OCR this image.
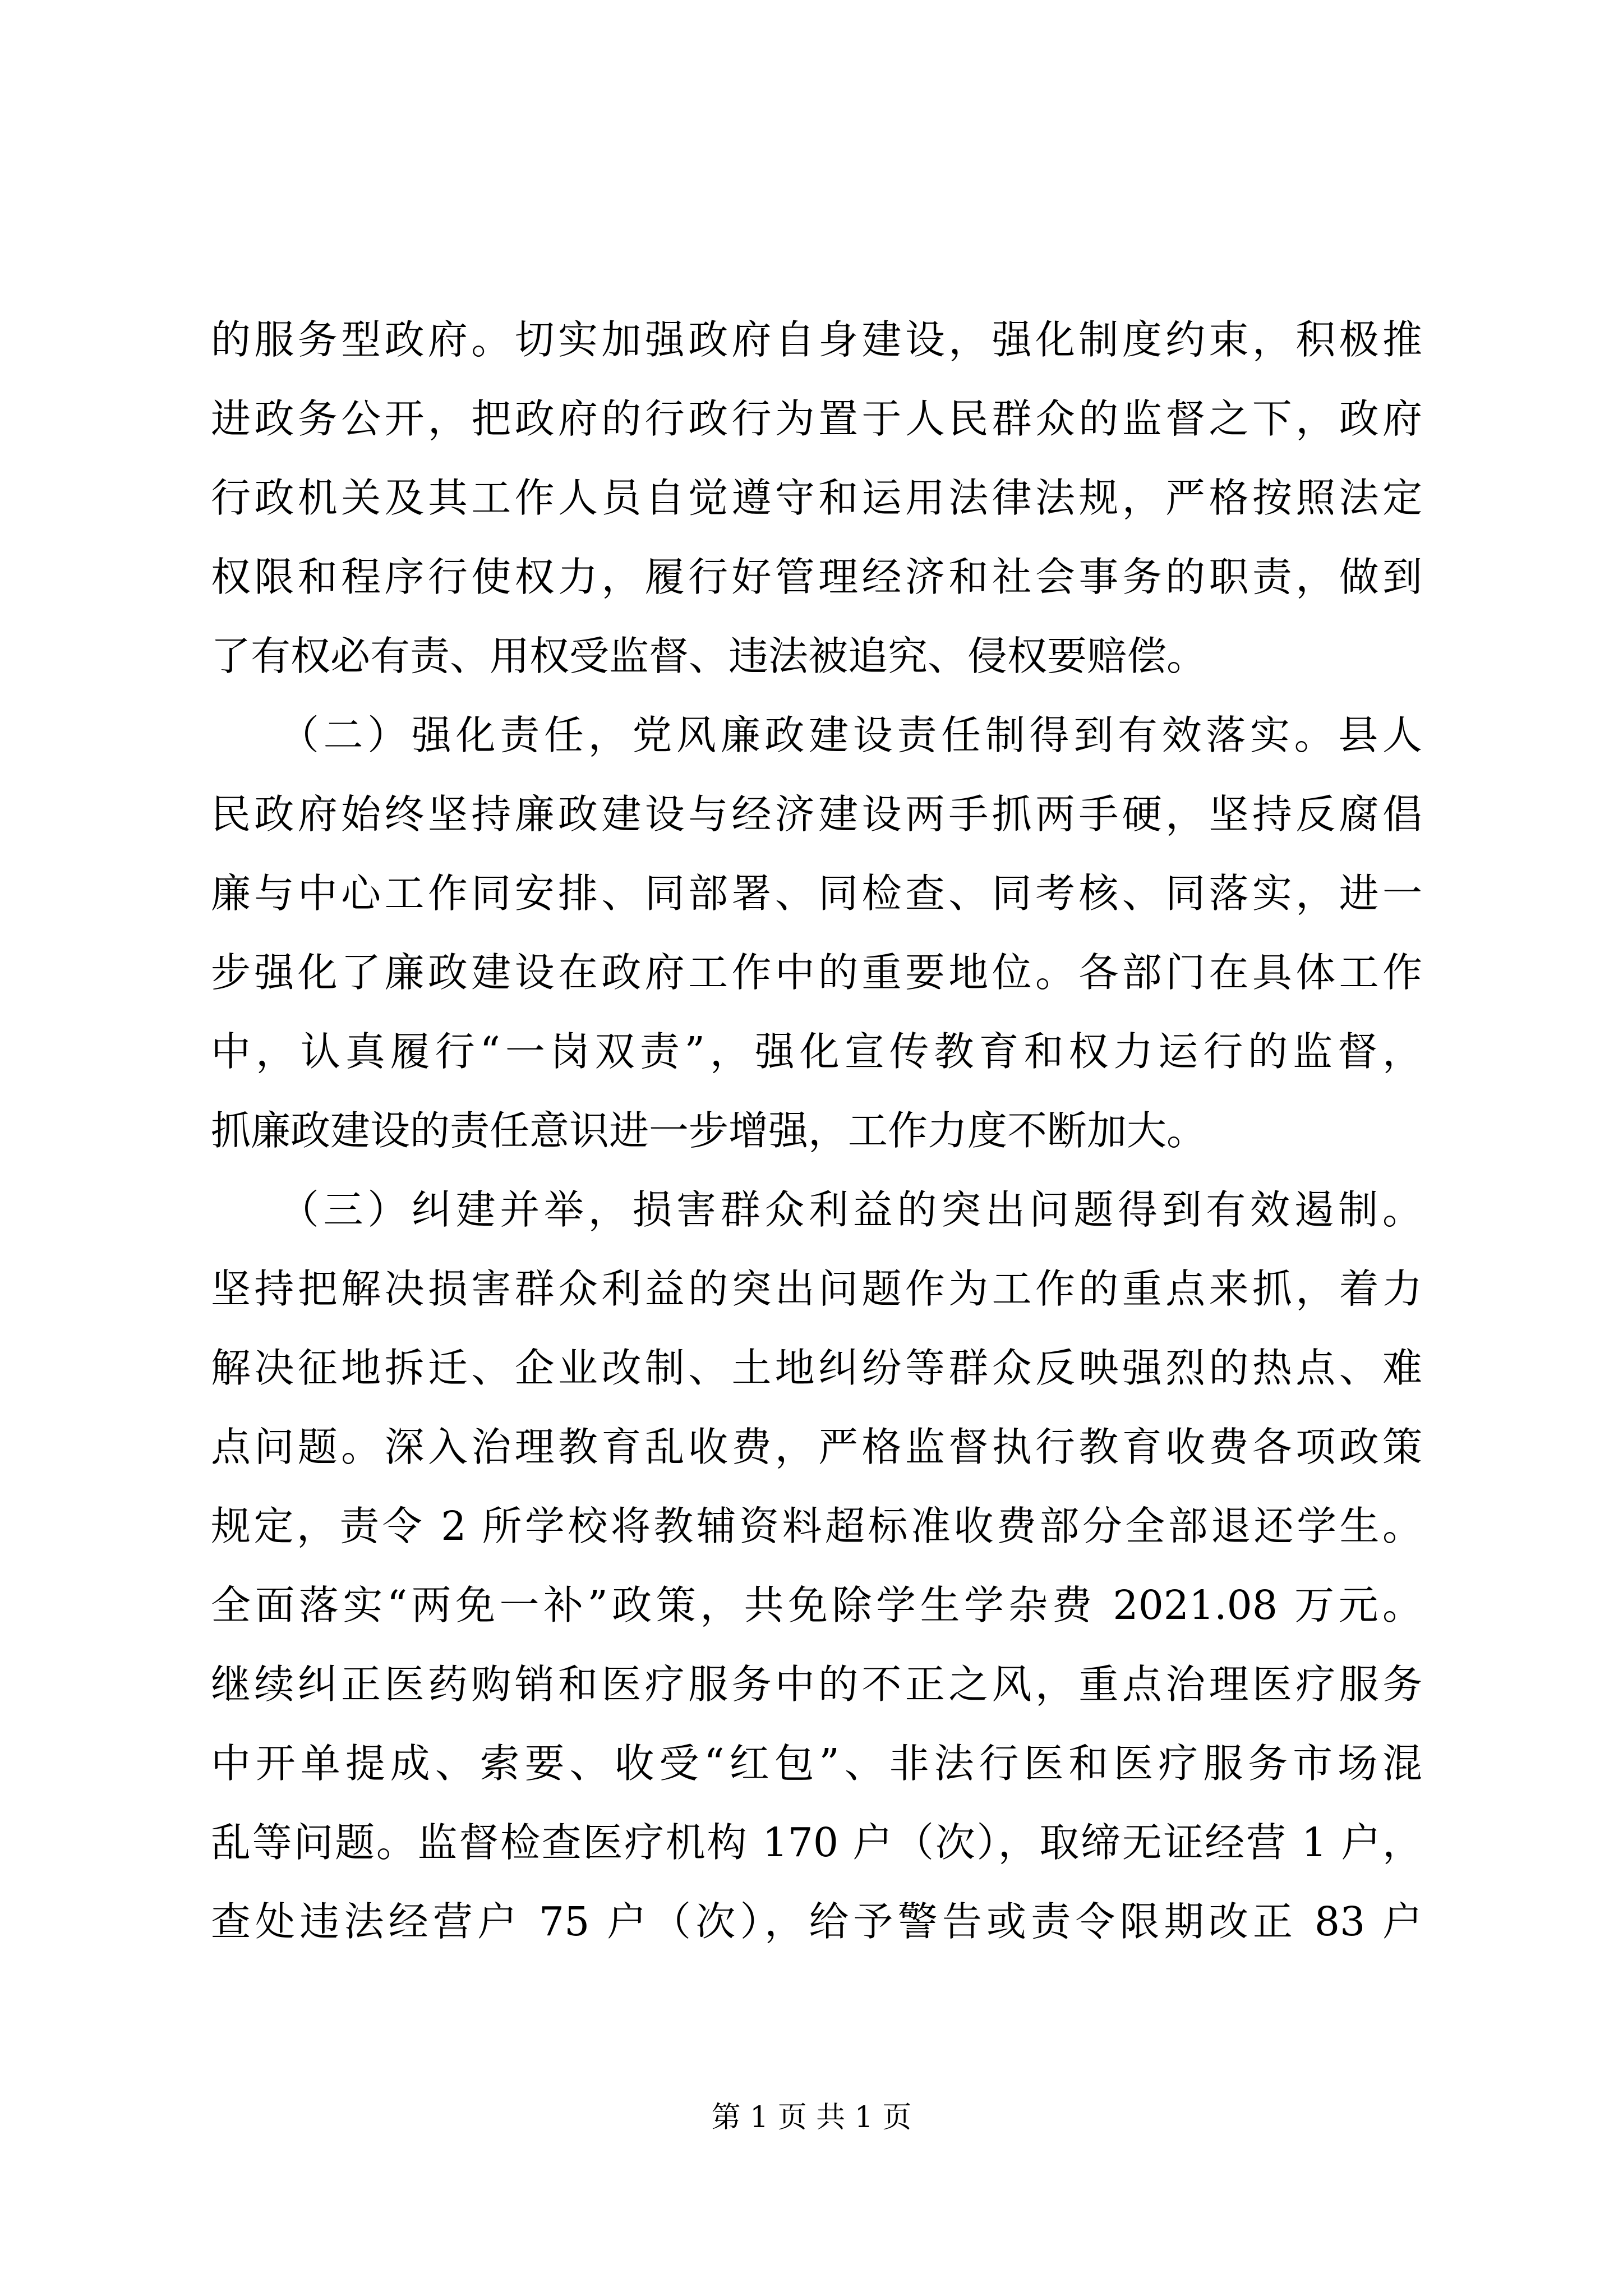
的服务型政府。切实加强政府自身建设，强化制度约束，积极推
进政务公开，把政府的行政行为置于人民群众的监督之下，政府
行政机关及其工作人员自觉遵守和运用法律法规，严格按照法定
权限和程序行使权力，履行好管理经济和社会事务的职责，做到
了有权必有责、用权受监督、违法被追究、侵权要赔偿。
　　（二）强化责任，党风廉政建设责任制得到有效落实。县人
民政府始终坚持廉政建设与经济建设两手抓两手硬，坚持反腐倡
廉与中心工作同安排、同部署、同检查、同考核、同落实，进一
步强化了廉政建设在政府工作中的重要地位。各部门在具体工作
中，认真履行“一岗双责”，强化宣传教育和权力运行的监督，
抓廉政建设的责任意识进一步增强，工作力度不断加大。
　　（三）纠建并举，损害群众利益的突出问题得到有效遏制。
坚持把解决损害群众利益的突出问题作为工作的重点来抓，着力
解决征地拆迁、企业改制、土地纠纷等群众反映强烈的热点、难
点问题。深入治理教育乱收费，严格监督执行教育收费各项政策
规定，责令 2 所学校将教辅资料超标准收费部分全部退还学生。
全面落实“两免一补”政策，共免除学生学杂费 2021.08 万元。
继续纠正医药购销和医疗服务中的不正之风，重点治理医疗服务
中开单提成、索要、收受“红包”、非法行医和医疗服务市场混
乱等问题。监督检查医疗机构 170 户（次），取缔无证经营 1 户，
查处违法经营户 75 户（次），给予警告或责令限期改正 83 户
第 1 页 共 1 页
